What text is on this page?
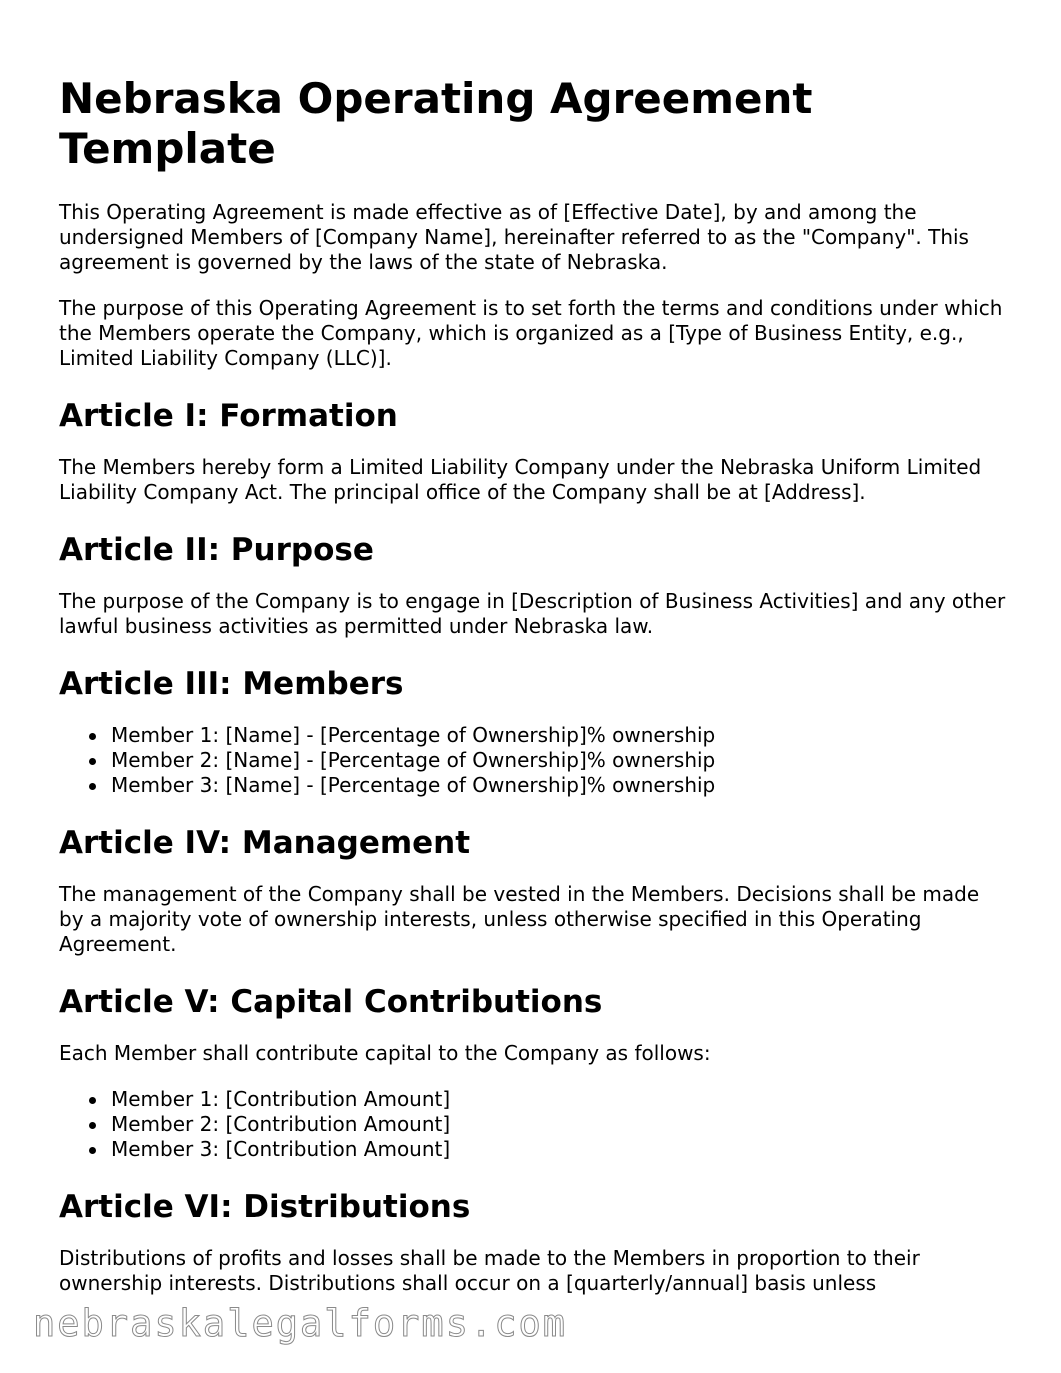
Nebraska Operating Agreement Template

This Operating Agreement is made effective as of [Effective Date], by and among the undersigned Members of [Company Name], hereinafter referred to as the "Company". This agreement is governed by the laws of the state of Nebraska.

The purpose of this Operating Agreement is to set forth the terms and conditions under which the Members operate the Company, which is organized as a [Type of Business Entity, e.g., Limited Liability Company (LLC)].

Article I: Formation

The Members hereby form a Limited Liability Company under the Nebraska Uniform Limited Liability Company Act. The principal office of the Company shall be at [Address].

Article II: Purpose

The purpose of the Company is to engage in [Description of Business Activities] and any other lawful business activities as permitted under Nebraska law.

Article III: Members
Member 1: [Name] - [Percentage of Ownership]% ownership
Member 2: [Name] - [Percentage of Ownership]% ownership
Member 3: [Name] - [Percentage of Ownership]% ownership
Article IV: Management

The management of the Company shall be vested in the Members. Decisions shall be made by a majority vote of ownership interests, unless otherwise specified in this Operating Agreement.

Article V: Capital Contributions

Each Member shall contribute capital to the Company as follows:

Member 1: [Contribution Amount]
Member 2: [Contribution Amount]
Member 3: [Contribution Amount]
Article VI: Distributions

Distributions of profits and losses shall be made to the Members in proportion to their ownership interests. Distributions shall occur on a [quarterly/annual] basis unless

nebraskalegalforms.com
